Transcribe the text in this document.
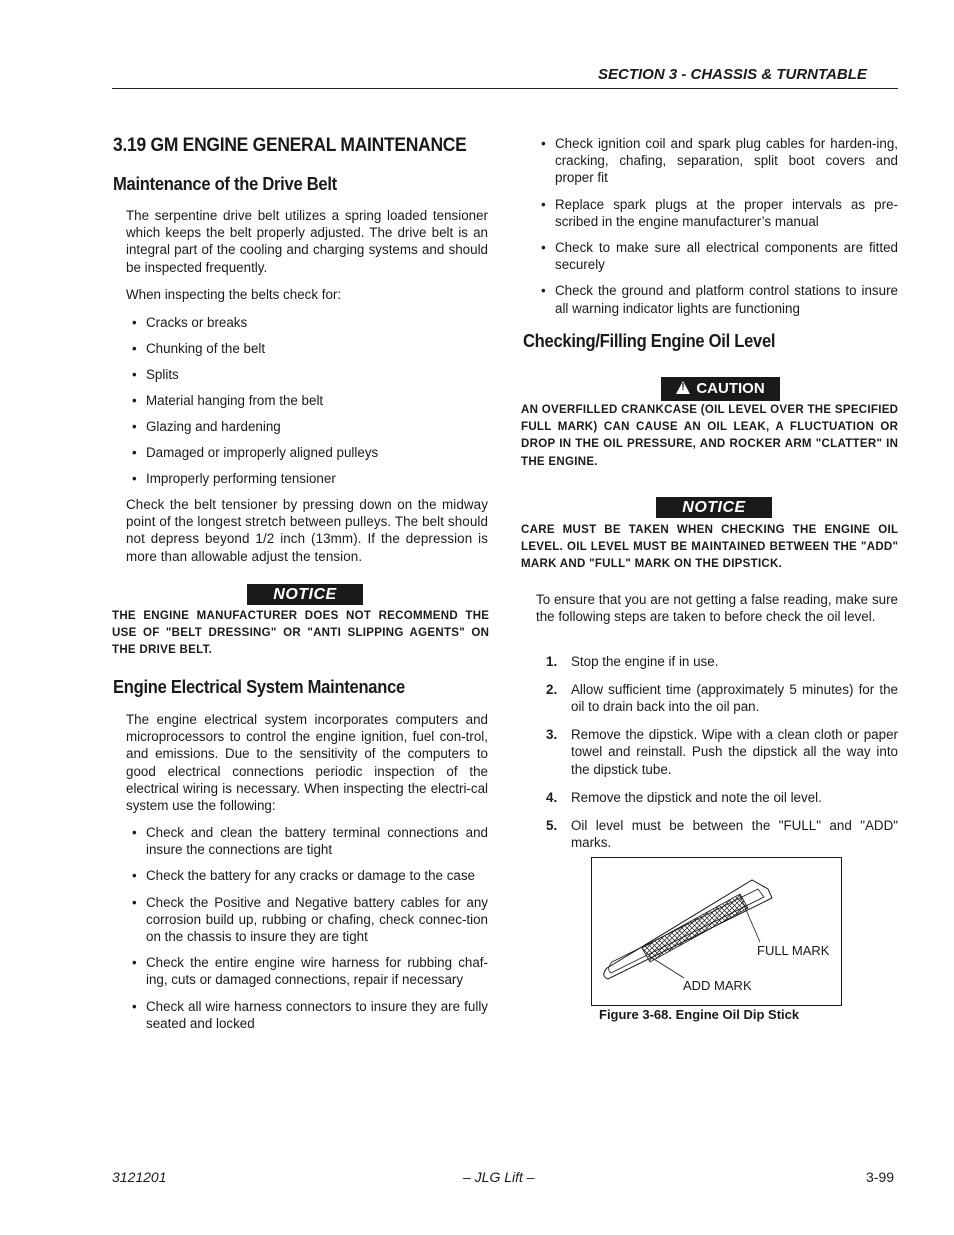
SECTION 3 - CHASSIS & TURNTABLE
3.19 GM ENGINE GENERAL MAINTENANCE
Maintenance of the Drive Belt
The serpentine drive belt utilizes a spring loaded tensioner which keeps the belt properly adjusted. The drive belt is an integral part of the cooling and charging systems and should be inspected frequently.
When inspecting the belts check for:
• Cracks or breaks
• Chunking of the belt
• Splits
• Material hanging from the belt
• Glazing and hardening
• Damaged or improperly aligned pulleys
• Improperly performing tensioner
Check the belt tensioner by pressing down on the midway point of the longest stretch between pulleys. The belt should not depress beyond 1/2 inch (13mm). If the depression is more than allowable adjust the tension.
NOTICE
THE ENGINE MANUFACTURER DOES NOT RECOMMEND THE USE OF "BELT DRESSING" OR "ANTI SLIPPING AGENTS" ON THE DRIVE BELT.
Engine Electrical System Maintenance
The engine electrical system incorporates computers and microprocessors to control the engine ignition, fuel con-trol, and emissions. Due to the sensitivity of the computers to good electrical connections periodic inspection of the electrical wiring is necessary. When inspecting the electri-cal system use the following:
• Check and clean the battery terminal connections and insure the connections are tight
• Check the battery for any cracks or damage to the case
• Check the Positive and Negative battery cables for any corrosion build up, rubbing or chafing, check connec-tion on the chassis to insure they are tight
• Check the entire engine wire harness for rubbing chaf-ing, cuts or damaged connections, repair if necessary
• Check all wire harness connectors to insure they are fully seated and locked
• Check ignition coil and spark plug cables for harden-ing, cracking, chafing, separation, split boot covers and proper fit
• Replace spark plugs at the proper intervals as pre-scribed in the engine manufacturer’s manual
• Check to make sure all electrical components are fitted securely
• Check the ground and platform control stations to insure all warning indicator lights are functioning
Checking/Filling Engine Oil Level
! CAUTION
AN OVERFILLED CRANKCASE (OIL LEVEL OVER THE SPECIFIED FULL MARK) CAN CAUSE AN OIL LEAK, A FLUCTUATION OR DROP IN THE OIL PRESSURE, AND ROCKER ARM "CLATTER" IN THE ENGINE.
NOTICE
CARE MUST BE TAKEN WHEN CHECKING THE ENGINE OIL LEVEL. OIL LEVEL MUST BE MAINTAINED BETWEEN THE "ADD" MARK AND "FULL" MARK ON THE DIPSTICK.
To ensure that you are not getting a false reading, make sure the following steps are taken to before check the oil level.
1. Stop the engine if in use.
2. Allow sufficient time (approximately 5 minutes) for the oil to drain back into the oil pan.
3. Remove the dipstick. Wipe with a clean cloth or paper towel and reinstall. Push the dipstick all the way into the dipstick tube.
4. Remove the dipstick and note the oil level.
5. Oil level must be between the "FULL" and "ADD" marks.
FULL MARK
ADD MARK
Figure 3-68. Engine Oil Dip Stick
3121201	– JLG Lift –	3-99
